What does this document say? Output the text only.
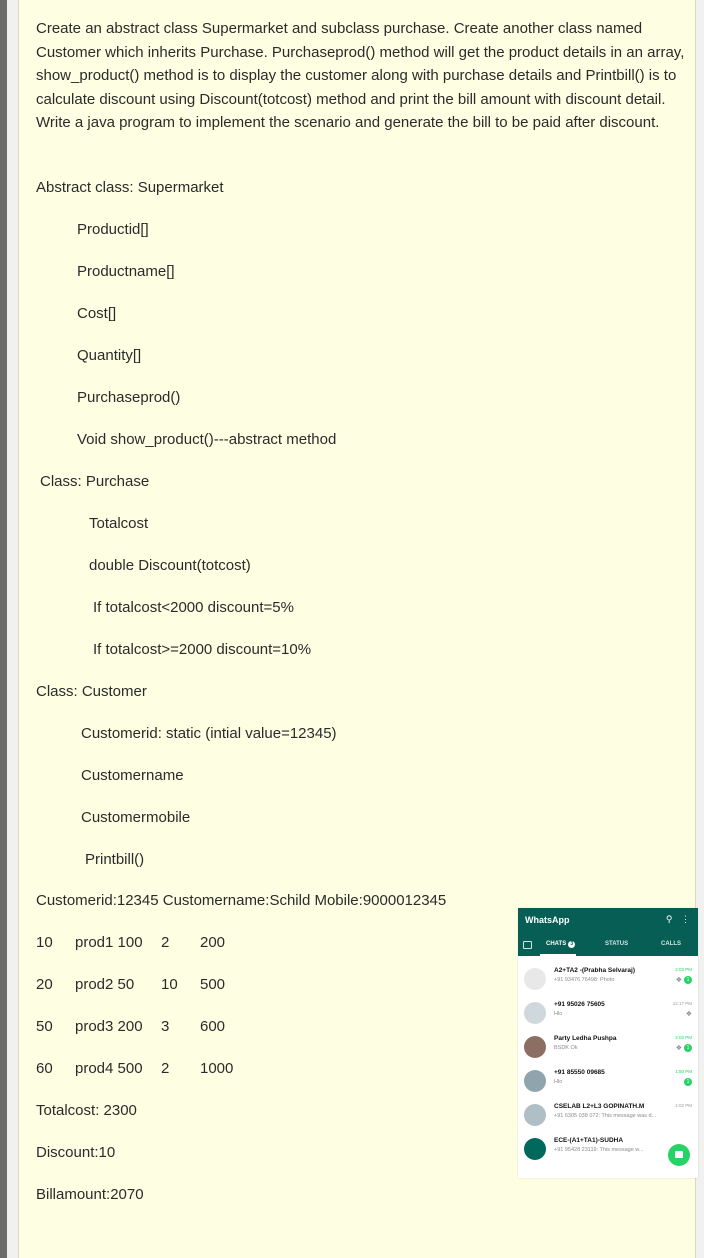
Create an abstract class Supermarket and subclass purchase. Create another class named Customer which inherits Purchase. Purchaseprod() method will get the product details in an array, show_product() method is to display the customer along with purchase details and Printbill() is to calculate discount using Discount(totcost) method and print the bill amount with discount detail. Write a java program to implement the scenario and generate the bill to be paid after discount.
Abstract class: Supermarket
Productid[]
Productname[]
Cost[]
Quantity[]
Purchaseprod()
Void show_product()---abstract method
Class: Purchase
Totalcost
double Discount(totcost)
If totalcost<2000 discount=5%
If totalcost>=2000 discount=10%
Class: Customer
Customerid: static (intial value=12345)
Customername
Customermobile
Printbill()
Customerid:12345 Customername:Schild Mobile:9000012345
10 prod1 100 2 200
20 prod2 50 10 500
50 prod3 200 3 600
60 prod4 500 2 1000
Totalcost: 2300
Discount:10
Billamount:2070
WhatsApp	⚲ ⋮
CHATS 3	STATUS	CALLS
A2+TA2 -(Prabha Selvaraj)
+91 93476 76498: Photo
2:03 PM
❖ 1
+91 95026 75605
Hlo
12:17 PM
❖
Party Ledha Pushpa
BSDK Ok
2:02 PM
❖ 1
+91 85550 09685
Hlo
1:50 PM
1
CSELAB L2+L3 GOPINATH.M
+91 6305 038 072: This message was d...
1:02 PM
ECE-(A1+TA1)-SUDHA
+91 95428 23119: This message w...
